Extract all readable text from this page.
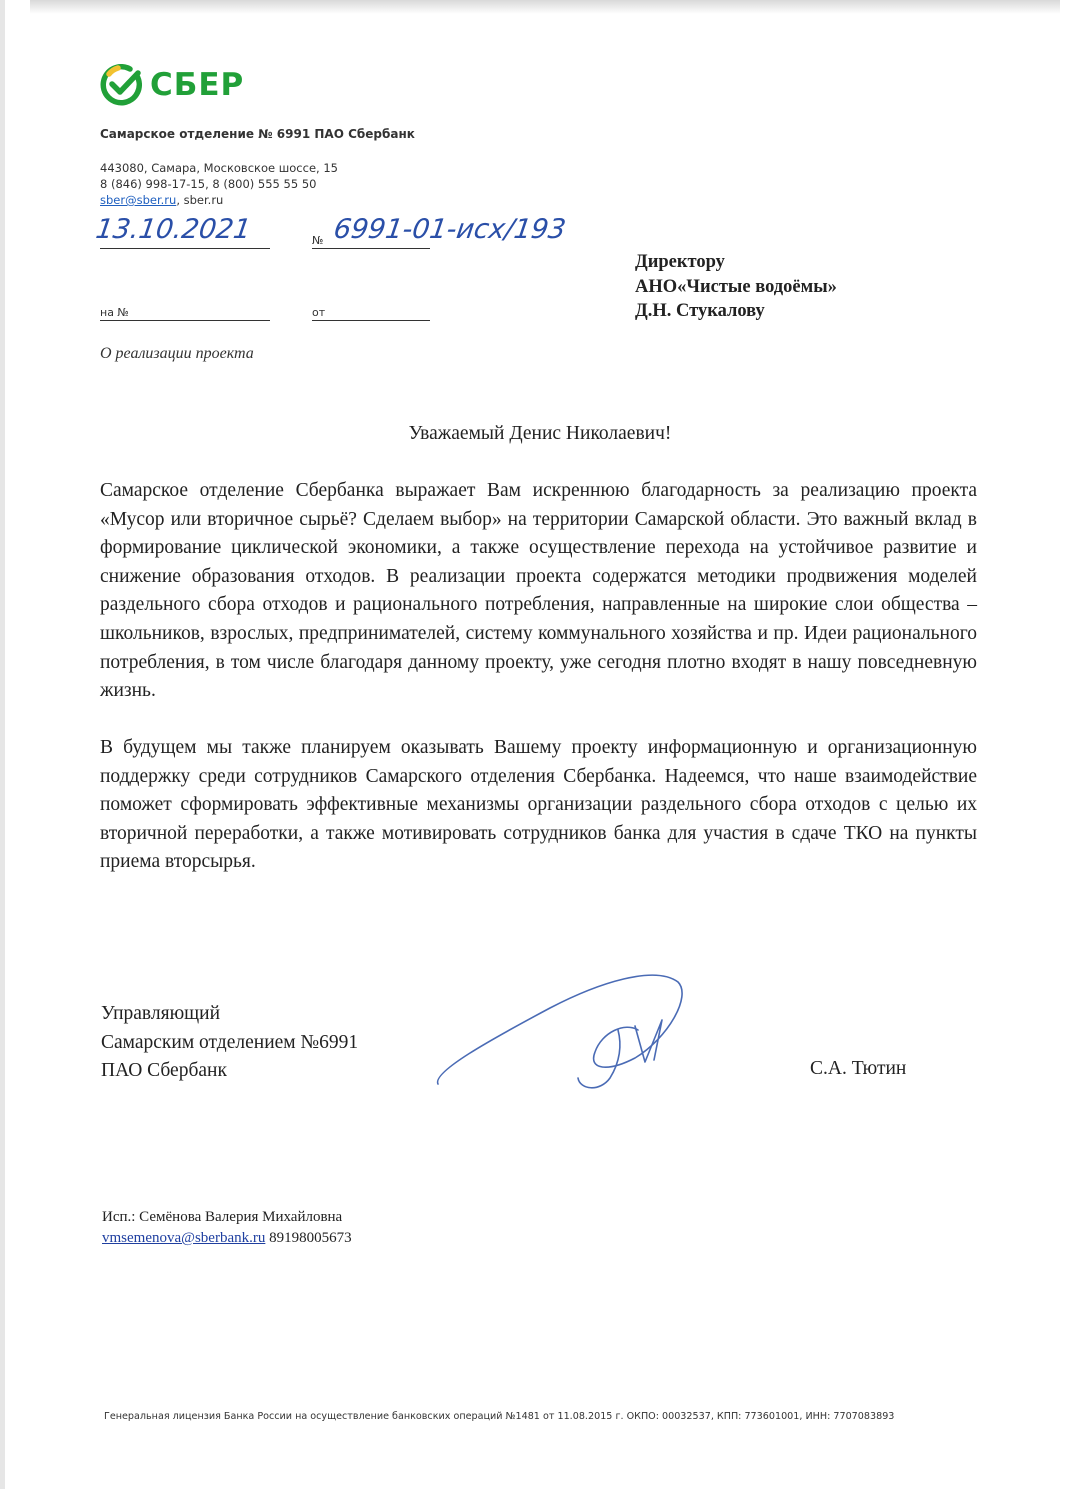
СБЕР
Самарское отделение № 6991 ПАО Сбербанк
443080, Самара, Московское шоссе, 15
8 (846) 998-17-15, 8 (800) 555 55 50
sber@sber.ru, sber.ru
13.10.2021	№ 6991-01-исх/193
на №	от
Директору
АНО«Чистые водоёмы»
Д.Н. Стукалову
О реализации проекта
Уважаемый Денис Николаевич!

Самарское отделение Сбербанка выражает Вам искреннюю благодарность за реализацию проекта «Мусор или вторичное сырьё? Сделаем выбор» на территории Самарской области. Это важный вклад в формирование циклической экономики, а также осуществление перехода на устойчивое развитие и снижение образования отходов. В реализации проекта содержатся методики продвижения моделей раздельного сбора отходов и рационального потребления, направленные на широкие слои общества – школьников, взрослых, предпринимателей, систему коммунального хозяйства и пр. Идеи рационального потребления, в том числе благодаря данному проекту, уже сегодня плотно входят в нашу повседневную жизнь.

В будущем мы также планируем оказывать Вашему проекту информационную и организационную поддержку среди сотрудников Самарского отделения Сбербанка. Надеемся, что наше взаимодействие поможет сформировать эффективные механизмы организации раздельного сбора отходов с целью их вторичной переработки, а также мотивировать сотрудников банка для участия в сдаче ТКО на пункты приема вторсырья.

Управляющий
Самарским отделением №6991
ПАО Сбербанк	С.А. Тютин
Исп.: Семёнова Валерия Михайловна
vmsemenova@sberbank.ru 89198005673
Генеральная лицензия Банка России на осуществление банковских операций №1481 от 11.08.2015 г. ОКПО: 00032537, КПП: 773601001, ИНН: 7707083893
